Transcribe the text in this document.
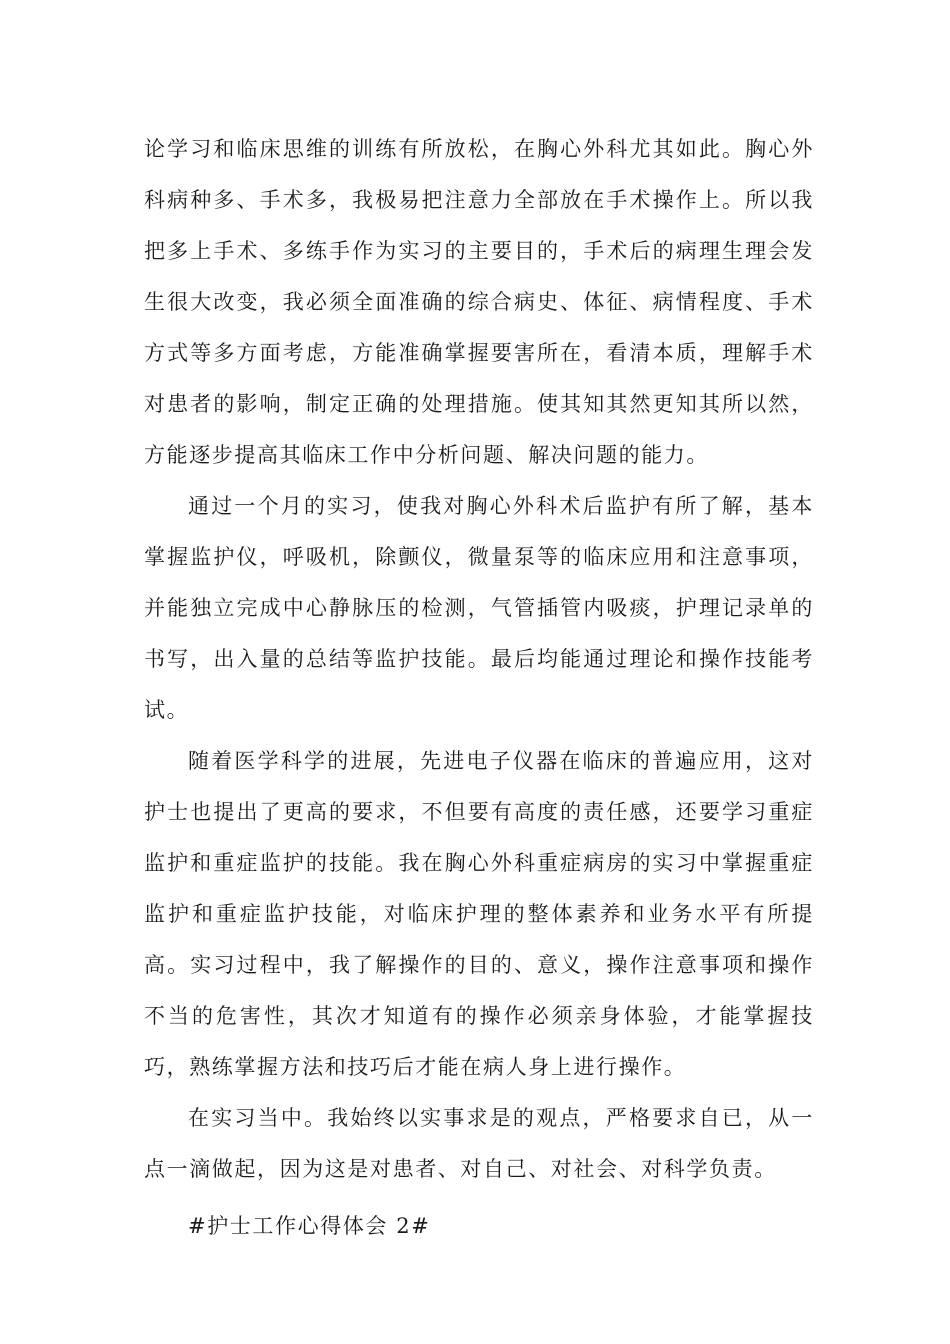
论学习和临床思维的训练有所放松，在胸心外科尤其如此。胸心外科病种多、手术多，我极易把注意力全部放在手术操作上。所以我把多上手术、多练手作为实习的主要目的，手术后的病理生理会发生很大改变，我必须全面准确的综合病史、体征、病情程度、手术方式等多方面考虑，方能准确掌握要害所在，看清本质，理解手术对患者的影响，制定正确的处理措施。使其知其然更知其所以然，方能逐步提高其临床工作中分析问题、解决问题的能力。

通过一个月的实习，使我对胸心外科术后监护有所了解，基本掌握监护仪，呼吸机，除颤仪，微量泵等的临床应用和注意事项，并能独立完成中心静脉压的检测，气管插管内吸痰，护理记录单的书写，出入量的总结等监护技能。最后均能通过理论和操作技能考试。

随着医学科学的进展，先进电子仪器在临床的普遍应用，这对护士也提出了更高的要求，不但要有高度的责任感，还要学习重症监护和重症监护的技能。我在胸心外科重症病房的实习中掌握重症监护和重症监护技能，对临床护理的整体素养和业务水平有所提高。实习过程中，我了解操作的目的、意义，操作注意事项和操作不当的危害性，其次才知道有的操作必须亲身体验，才能掌握技巧，熟练掌握方法和技巧后才能在病人身上进行操作。

在实习当中。我始终以实事求是的观点，严格要求自已，从一点一滴做起，因为这是对患者、对自己、对社会、对科学负责。

#护士工作心得体会 2#
